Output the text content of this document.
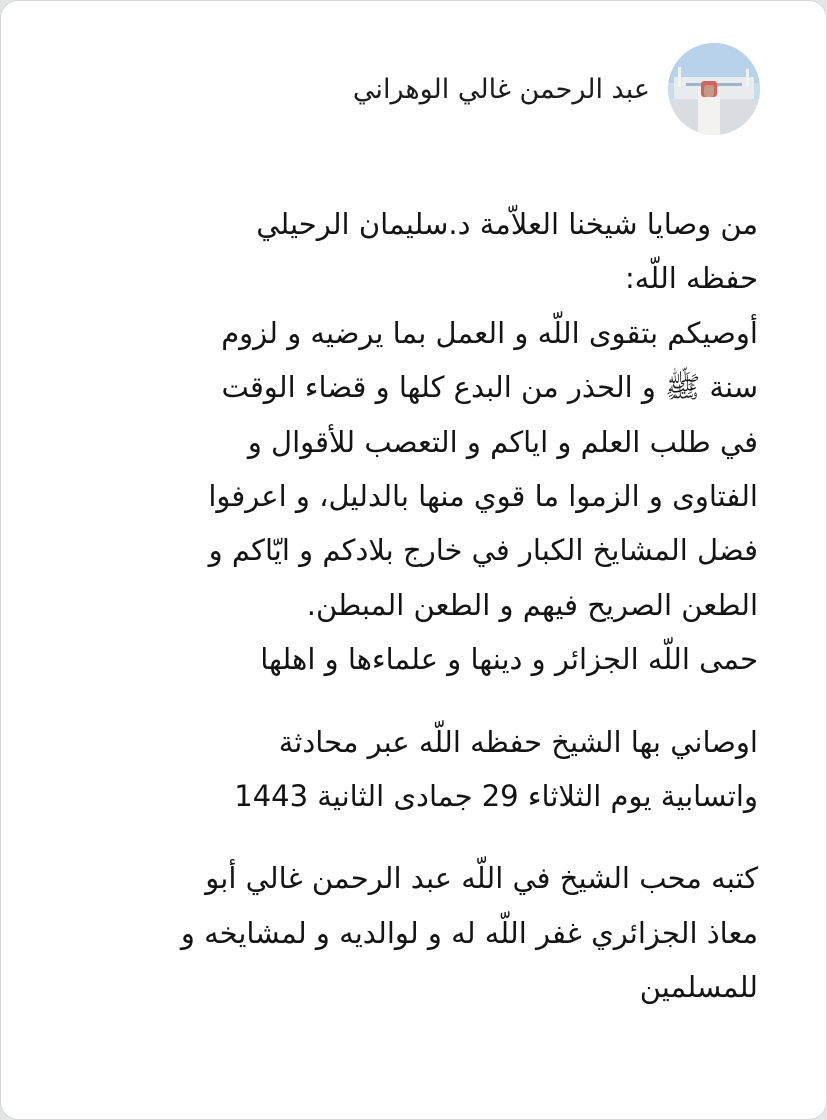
عبد الرحمن غالي الوهراني

من وصايا شيخنا العلاّمة د.سليمان الرحيلي
حفظه اللّه:
أوصيكم بتقوى اللّه و العمل بما يرضيه و لزوم
سنة ﷺ و الحذر من البدع كلها و قضاء الوقت
في طلب العلم و اياكم و التعصب للأقوال و
الفتاوى و الزموا ما قوي منها بالدليل، و اعرفوا
فضل المشايخ الكبار في خارج بلادكم و ايّاكم و
الطعن الصريح فيهم و الطعن المبطن.
حمى اللّه الجزائر و دينها و علماءها و اهلها

اوصاني بها الشيخ حفظه اللّه عبر محادثة
واتسابية يوم الثلاثاء 29 جمادى الثانية 1443

كتبه محب الشيخ في اللّه عبد الرحمن غالي أبو
معاذ الجزائري غفر اللّه له و لوالديه و لمشايخه و
للمسلمين
